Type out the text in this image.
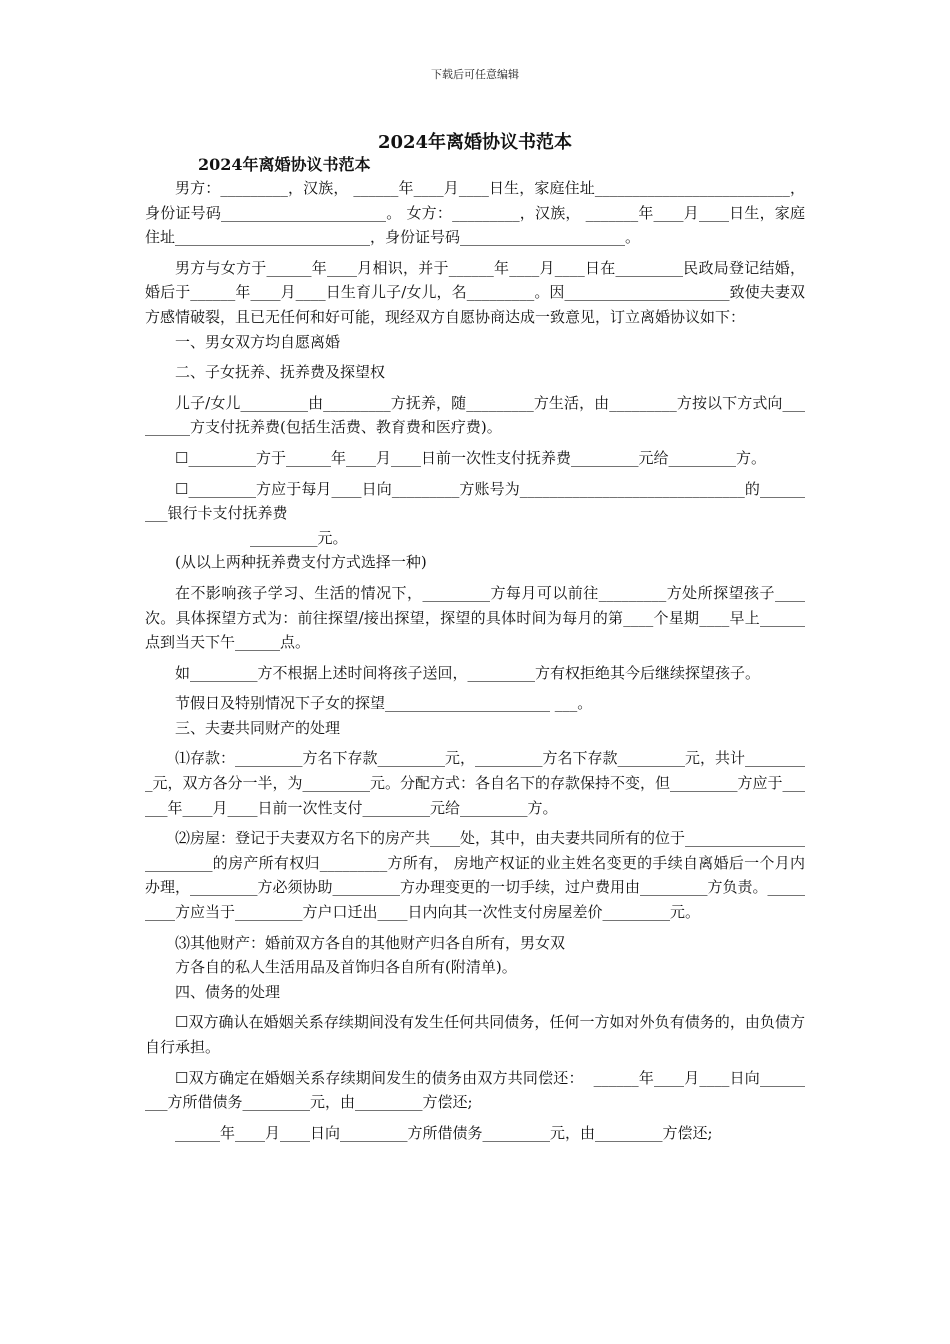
下载后可任意编辑
2024年离婚协议书范本
2024年离婚协议书范本

男方：_________，汉族， ______年____月____日生，家庭住址__________________________，身份证号码______________________。 女方：_________，汉族， _______年____月____日生，家庭住址__________________________，身份证号码______________________。

男方与女方于______年____月相识，并于______年____月____日在_________民政局登记结婚，婚后于______年____月____日生育儿子/女儿，名_________。因______________________致使夫妻双方感情破裂，且已无任何和好可能，现经双方自愿协商达成一致意见，订立离婚协议如下：

一、男女双方均自愿离婚

二、子女抚养、抚养费及探望权

儿子/女儿_________由_________方抚养，随_________方生活，由_________方按以下方式向_________方支付抚养费(包括生活费、教育费和医疗费)。

☐_________方于______年____月____日前一次性支付抚养费_________元给_________方。

☐_________方应于每月____日向_________方账号为______________________________的_________银行卡支付抚养费

_________元。

(从以上两种抚养费支付方式选择一种)

在不影响孩子学习、生活的情况下，_________方每月可以前往_________方处所探望孩子____次。具体探望方式为：前往探望/接出探望，探望的具体时间为每月的第____个星期____早上______点到当天下午______点。

如_________方不根据上述时间将孩子送回，_________方有权拒绝其今后继续探望孩子。

节假日及特别情况下子女的探望______________________ ___。

三、夫妻共同财产的处理

⑴存款：_________方名下存款_________元，_________方名下存款_________元，共计_________元，双方各分一半，为_________元。分配方式：各自名下的存款保持不变，但_________方应于______年____月____日前一次性支付_________元给_________方。

⑵房屋：登记于夫妻双方名下的房产共____处，其中，由夫妻共同所有的位于_________________________的房产所有权归_________方所有， 房地产权证的业主姓名变更的手续自离婚后一个月内办理，_________方必须协助_________方办理变更的一切手续，过户费用由_________方负责。_________方应当于_________方户口迁出____日内向其一次性支付房屋差价_________元。

⑶其他财产：婚前双方各自的其他财产归各自所有，男女双

方各自的私人生活用品及首饰归各自所有(附清单)。

四、债务的处理

☐双方确认在婚姻关系存续期间没有发生任何共同债务，任何一方如对外负有债务的，由负债方自行承担。

☐双方确定在婚姻关系存续期间发生的债务由双方共同偿还：  ______年____月____日向_________方所借债务_________元，由_________方偿还;

______年____月____日向_________方所借债务_________元，由_________方偿还;
